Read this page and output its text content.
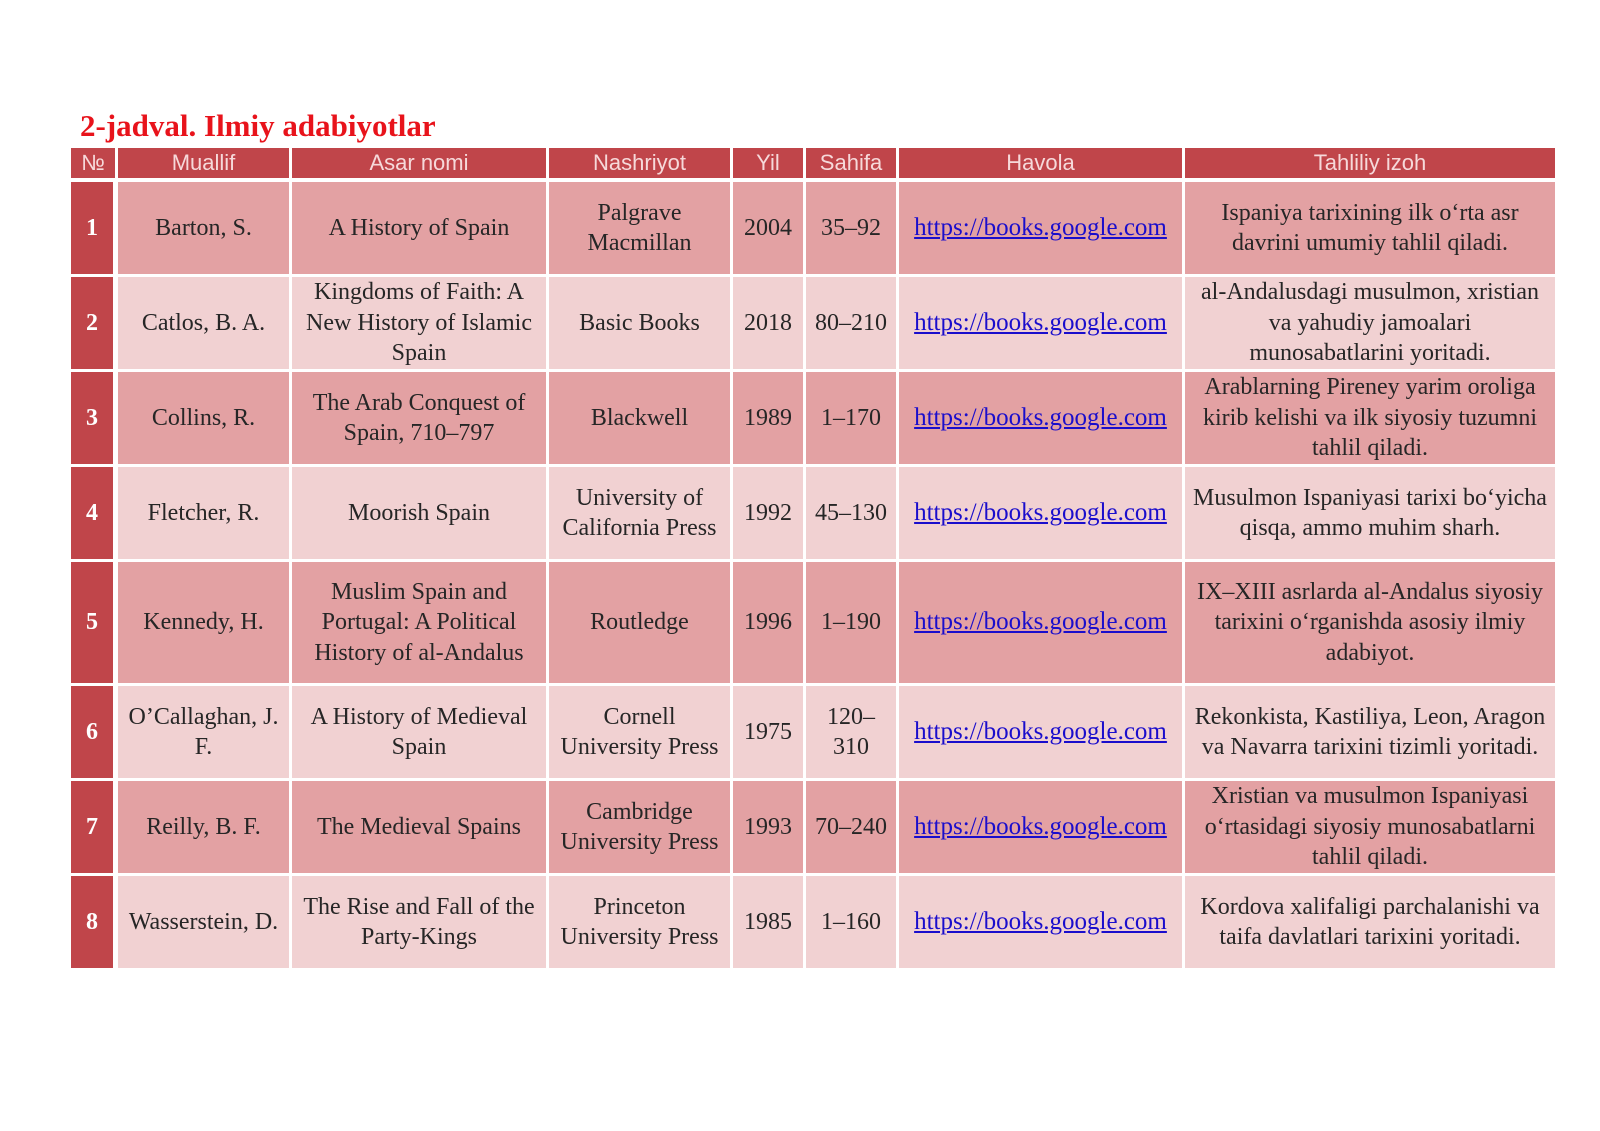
2-jadval. Ilmiy adabiyotlar
№	Muallif	Asar nomi	Nashriyot	Yil	Sahifa	Havola	Tahliliy izoh
1	Barton, S.	A History of Spain	Palgrave Macmillan	2004	35–92	https://books.google.com	Ispaniya tarixining ilk oʻrta asr davrini umumiy tahlil qiladi.
2	Catlos, B. A.	Kingdoms of Faith: A New History of Islamic Spain	Basic Books	2018	80–210	https://books.google.com	al-Andalusdagi musulmon, xristian va yahudiy jamoalari munosabatlarini yoritadi.
3	Collins, R.	The Arab Conquest of Spain, 710–797	Blackwell	1989	1–170	https://books.google.com	Arablarning Pireney yarim oroliga kirib kelishi va ilk siyosiy tuzumni tahlil qiladi.
4	Fletcher, R.	Moorish Spain	University of California Press	1992	45–130	https://books.google.com	Musulmon Ispaniyasi tarixi boʻyicha qisqa, ammo muhim sharh.
5	Kennedy, H.	Muslim Spain and Portugal: A Political History of al-Andalus	Routledge	1996	1–190	https://books.google.com	IX–XIII asrlarda al-Andalus siyosiy tarixini oʻrganishda asosiy ilmiy adabiyot.
6	O’Callaghan, J. F.	A History of Medieval Spain	Cornell University Press	1975	120–310	https://books.google.com	Rekonkista, Kastiliya, Leon, Aragon va Navarra tarixini tizimli yoritadi.
7	Reilly, B. F.	The Medieval Spains	Cambridge University Press	1993	70–240	https://books.google.com	Xristian va musulmon Ispaniyasi oʻrtasidagi siyosiy munosabatlarni tahlil qiladi.
8	Wasserstein, D.	The Rise and Fall of the Party-Kings	Princeton University Press	1985	1–160	https://books.google.com	Kordova xalifaligi parchalanishi va taifa davlatlari tarixini yoritadi.
